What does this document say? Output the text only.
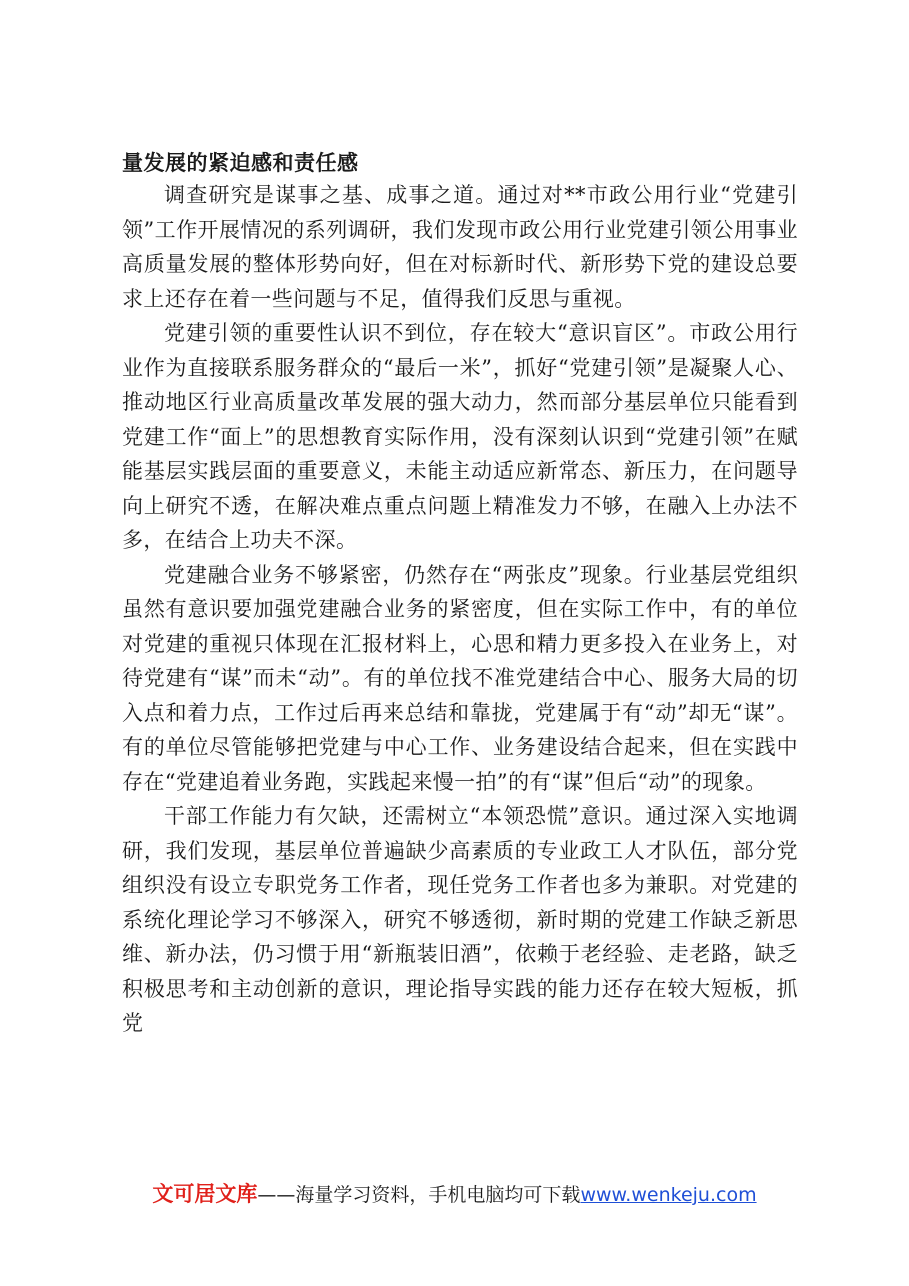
量发展的紧迫感和责任感

调查研究是谋事之基、成事之道。通过对**市政公用行业“党建引领”工作开展情况的系列调研，我们发现市政公用行业党建引领公用事业高质量发展的整体形势向好，但在对标新时代、新形势下党的建设总要求上还存在着一些问题与不足，值得我们反思与重视。

党建引领的重要性认识不到位，存在较大“意识盲区”。市政公用行业作为直接联系服务群众的“最后一米”，抓好“党建引领”是凝聚人心、推动地区行业高质量改革发展的强大动力，然而部分基层单位只能看到党建工作“面上”的思想教育实际作用，没有深刻认识到“党建引领”在赋能基层实践层面的重要意义，未能主动适应新常态、新压力，在问题导向上研究不透，在解决难点重点问题上精准发力不够，在融入上办法不多，在结合上功夫不深。

党建融合业务不够紧密，仍然存在“两张皮”现象。行业基层党组织虽然有意识要加强党建融合业务的紧密度，但在实际工作中，有的单位对党建的重视只体现在汇报材料上，心思和精力更多投入在业务上，对待党建有“谋”而未“动”。有的单位找不准党建结合中心、服务大局的切入点和着力点，工作过后再来总结和靠拢，党建属于有“动”却无“谋”。有的单位尽管能够把党建与中心工作、业务建设结合起来，但在实践中存在“党建追着业务跑，实践起来慢一拍”的有“谋”但后“动”的现象。

干部工作能力有欠缺，还需树立“本领恐慌”意识。通过深入实地调研，我们发现，基层单位普遍缺少高素质的专业政工人才队伍，部分党组织没有设立专职党务工作者，现任党务工作者也多为兼职。对党建的系统化理论学习不够深入，研究不够透彻，新时期的党建工作缺乏新思维、新办法，仍习惯于用“新瓶装旧酒”，依赖于老经验、走老路，缺乏积极思考和主动创新的意识，理论指导实践的能力还存在较大短板，抓党

文可居文库——海量学习资料，手机电脑均可下载www.wenkeju.com
